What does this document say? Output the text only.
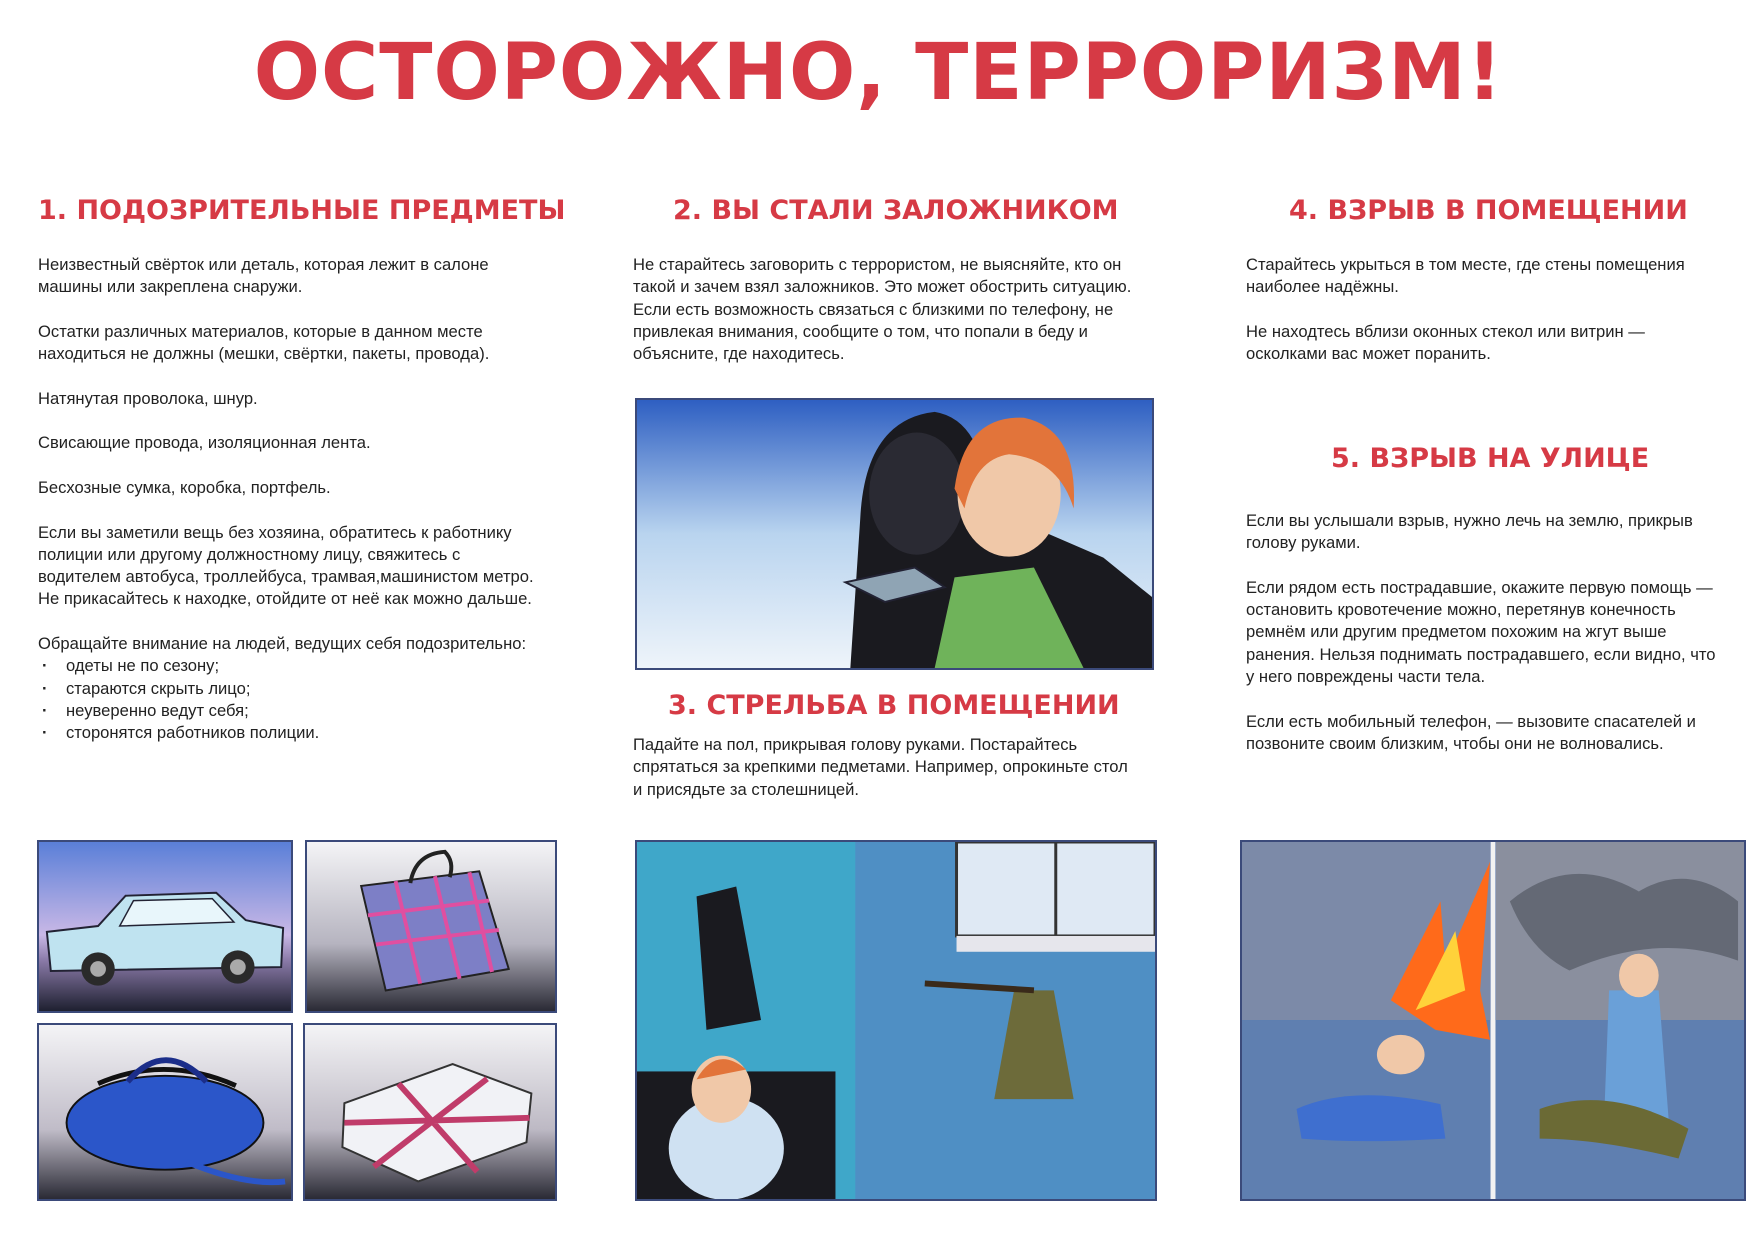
ОСТОРОЖНО, ТЕРРОРИЗМ!
1. ПОДОЗРИТЕЛЬНЫЕ ПРЕДМЕТЫ

Неизвестный свёрток или деталь, которая лежит в салоне машины или закреплена снаружи.

Остатки различных материалов, которые в данном месте находиться не должны (мешки, свёртки, пакеты, провода).

Натянутая проволока, шнур.

Свисающие провода, изоляционная лента.

Бесхозные сумка, коробка, портфель.

Если вы заметили вещь без хозяина, обратитесь к работнику полиции или другому должностному лицу, свяжитесь с водителем автобуса, троллейбуса, трамвая,машинистом метро. Не прикасайтесь к находке, отойдите от неё как можно дальше.

Обращайте внимание на людей, ведущих себя подозрительно:

· одеты не по сезону;
· стараются скрыть лицо;
· неуверенно ведут себя;
· сторонятся работников полиции.
2. ВЫ СТАЛИ ЗАЛОЖНИКОМ

Не старайтесь заговорить с террористом, не выясняйте, кто он такой и зачем взял заложников. Это может обострить ситуацию.

Если есть возможность связаться с близкими по телефону, не привлекая внимания, сообщите о том, что попали в беду и объясните, где находитесь.

3. СТРЕЛЬБА В ПОМЕЩЕНИИ

Падайте на пол, прикрывая голову руками. Постарайтесь спрятаться за крепкими педметами. Например, опрокиньте стол и присядьте за столешницей.

4. ВЗРЫВ В ПОМЕЩЕНИИ

Старайтесь укрыться в том месте, где стены помещения наиболее надёжны.

Не находтесь вблизи оконных стекол или витрин — осколками вас может поранить.

5. ВЗРЫВ НА УЛИЦЕ

Если вы услышали взрыв, нужно лечь на землю, прикрыв голову руками.

Если рядом есть пострадавшие, окажите первую помощь — остановить кровотечение можно, перетянув конечность ремнём или другим предметом похожим на жгут выше ранения. Нельзя поднимать пострадавшего, если видно, что у него повреждены части тела.

Если есть мобильный телефон, — вызовите спасателей и позвоните своим близким, чтобы они не волновались.
